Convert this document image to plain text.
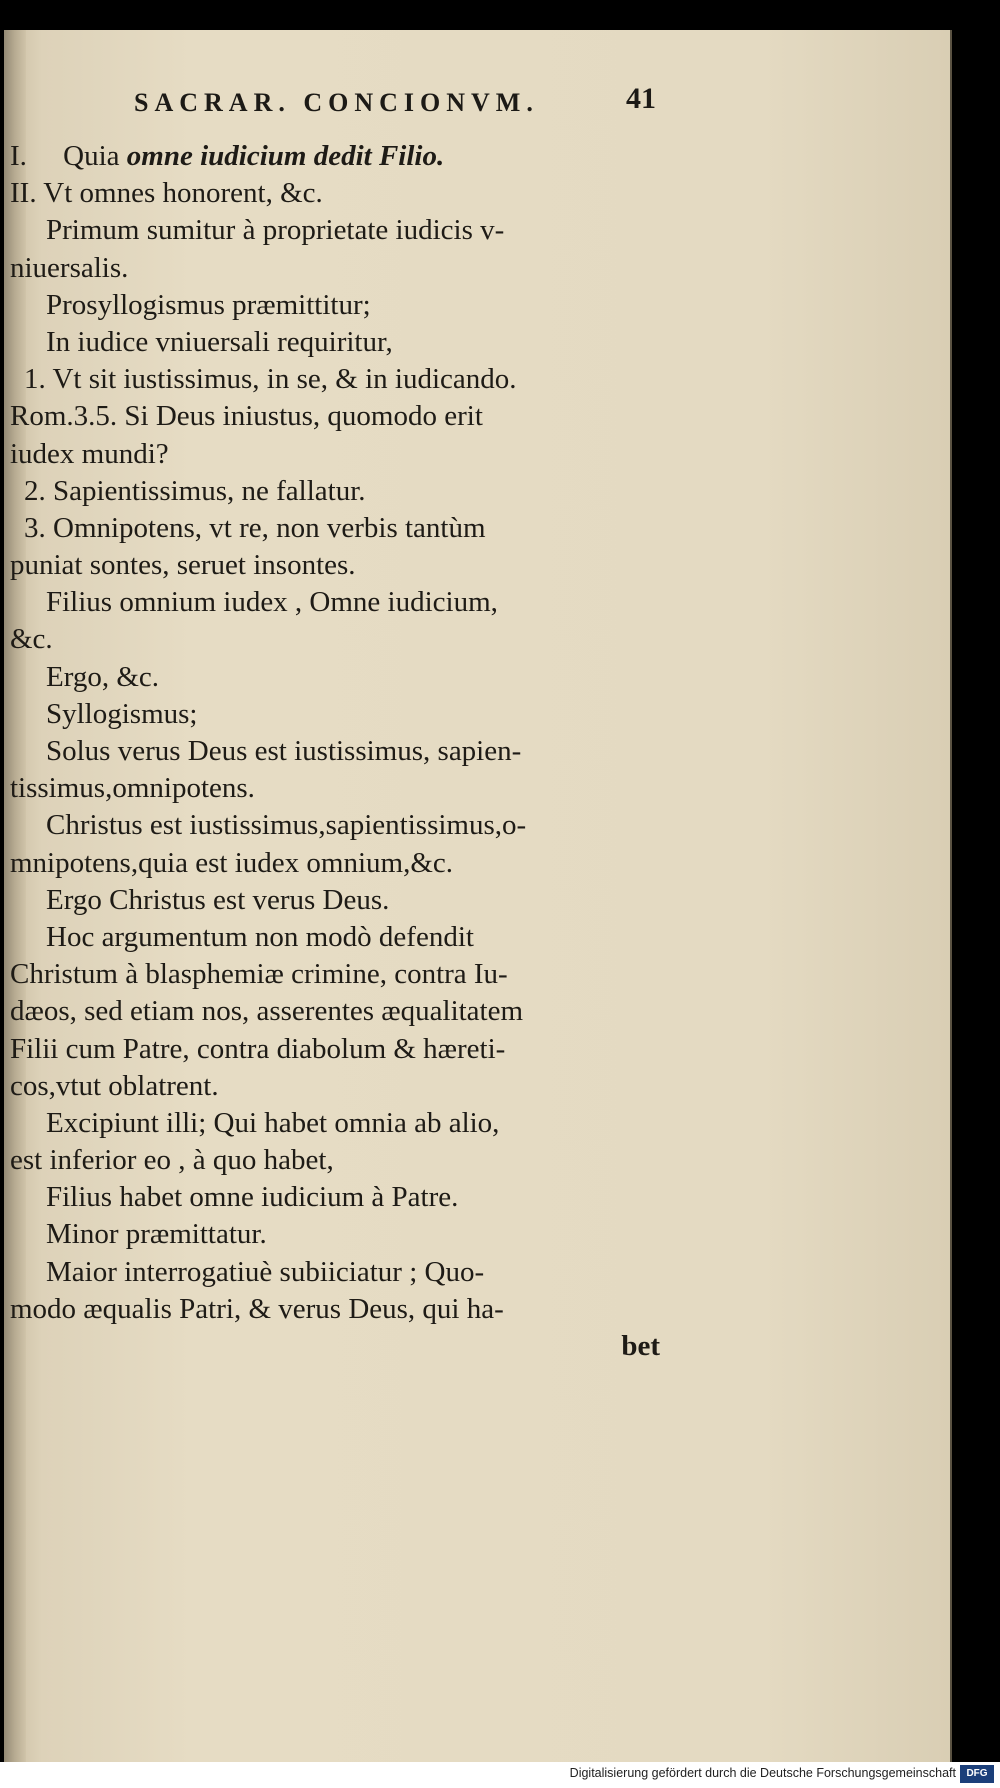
SACRAR. CONCIONVM.	41
I. Quia omne iudicium dedit Filio.
II. Vt omnes honorent, &c.
Primum sumitur à proprietate iudicis v-
niuersalis.
Prosyllogismus præmittitur;
In iudice vniuersali requiritur,
1. Vt sit iustissimus, in se, & in iudicando.
Rom.3.5. Si Deus iniustus, quomodo erit
iudex mundi?
2. Sapientissimus, ne fallatur.
3. Omnipotens, vt re, non verbis tantùm
puniat sontes, seruet insontes.
Filius omnium iudex , Omne iudicium,
&c.
Ergo, &c.
Syllogismus;
Solus verus Deus est iustissimus, sapien-
tissimus,omnipotens.
Christus est iustissimus,sapientissimus,o-
mnipotens,quia est iudex omnium,&c.
Ergo Christus est verus Deus.
Hoc argumentum non modò defendit
Christum à blasphemiæ crimine, contra Iu-
dæos, sed etiam nos, asserentes æqualitatem
Filii cum Patre, contra diabolum & hæreti-
cos,vtut oblatrent.
Excipiunt illi; Qui habet omnia ab alio,
est inferior eo , à quo habet,
Filius habet omne iudicium à Patre.
Minor præmittatur.
Maior interrogatiuè subiiciatur ; Quo-
modo æqualis Patri, & verus Deus, qui ha-
bet
Digitalisierung gefördert durch die Deutsche Forschungsgemeinschaft	DFG
